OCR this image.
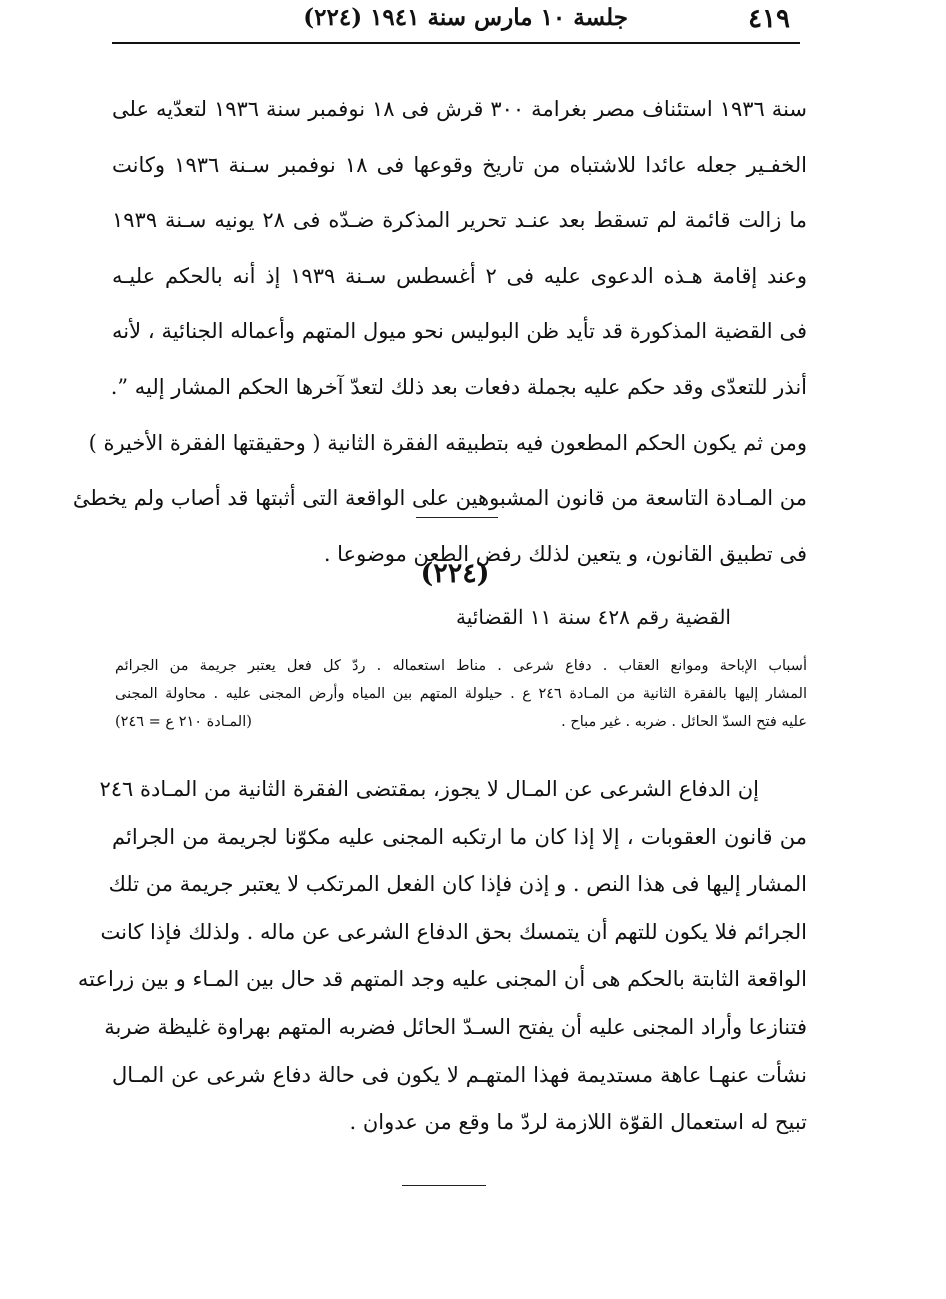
٤١٩
جلسة ١٠ مارس سنة ١٩٤١ (٢٢٤)
سنة ١٩٣٦ استئناف مصر بغرامة ٣٠٠ قرش فى ١٨ نوفمبر سنة ١٩٣٦ لتعدّيه على
الخفـير جعله عائدا للاشتباه من تاريخ وقوعها فى ١٨ نوفمبر سـنة ١٩٣٦ وكانت
ما زالت قائمة لم تسقط بعد عنـد تحرير المذكرة ضـدّه فى ٢٨ يونيه سـنة ١٩٣٩
وعند إقامة هـذه الدعوى عليه فى ٢ أغسطس سـنة ١٩٣٩ إذ أنه بالحكم عليـه
فى القضية المذكورة قد تأيد ظن البوليس نحو ميول المتهم وأعماله الجنائية ، لأنه
أنذر للتعدّى وقد حكم عليه بجملة دفعات بعد ذلك لتعدّ آخرها الحكم المشار إليه ”.
ومن ثم يكون الحكم المطعون فيه بتطبيقه الفقرة الثانية ( وحقيقتها الفقرة الأخيرة )
من المـادة التاسعة من قانون المشبوهين على الواقعة التى أثبتها قد أصاب ولم يخطئ
فى تطبيق القانون، و يتعين لذلك رفض الطعن موضوعا .
(٢٢٤)
القضية رقم ٤٢٨ سنة ١١ القضائية
أسباب الإباحة وموانع العقاب . دفاع شرعى . مناط استعماله . ردّ كل فعل يعتبر جريمة من الجرائم
المشار إليها بالفقرة الثانية من المـادة ٢٤٦ ع . حيلولة المتهم بين المياه وأرض المجنى عليه . محاولة المجنى
عليه فتح السدّ الحائل . ضربه . غير مباح .
(المـادة ٢١٠ ع = ٢٤٦)
إن الدفاع الشرعى عن المـال لا يجوز، بمقتضى الفقرة الثانية من المـادة ٢٤٦
من قانون العقوبات ، إلا إذا كان ما ارتكبه المجنى عليه مكوّنا لجريمة من الجرائم
المشار إليها فى هذا النص . و إذن فإذا كان الفعل المرتكب لا يعتبر جريمة من تلك
الجرائم فلا يكون للتهم أن يتمسك بحق الدفاع الشرعى عن ماله . ولذلك فإذا كانت
الواقعة الثابتة بالحكم هى أن المجنى عليه وجد المتهم قد حال بين المـاء و بين زراعته
فتنازعا وأراد المجنى عليه أن يفتح السـدّ الحائل فضربه المتهم بهراوة غليظة ضربة
نشأت عنهـا عاهة مستديمة فهذا المتهـم لا يكون فى حالة دفاع شرعى عن المـال
تبيح له استعمال القوّة اللازمة لردّ ما وقع من عدوان .
